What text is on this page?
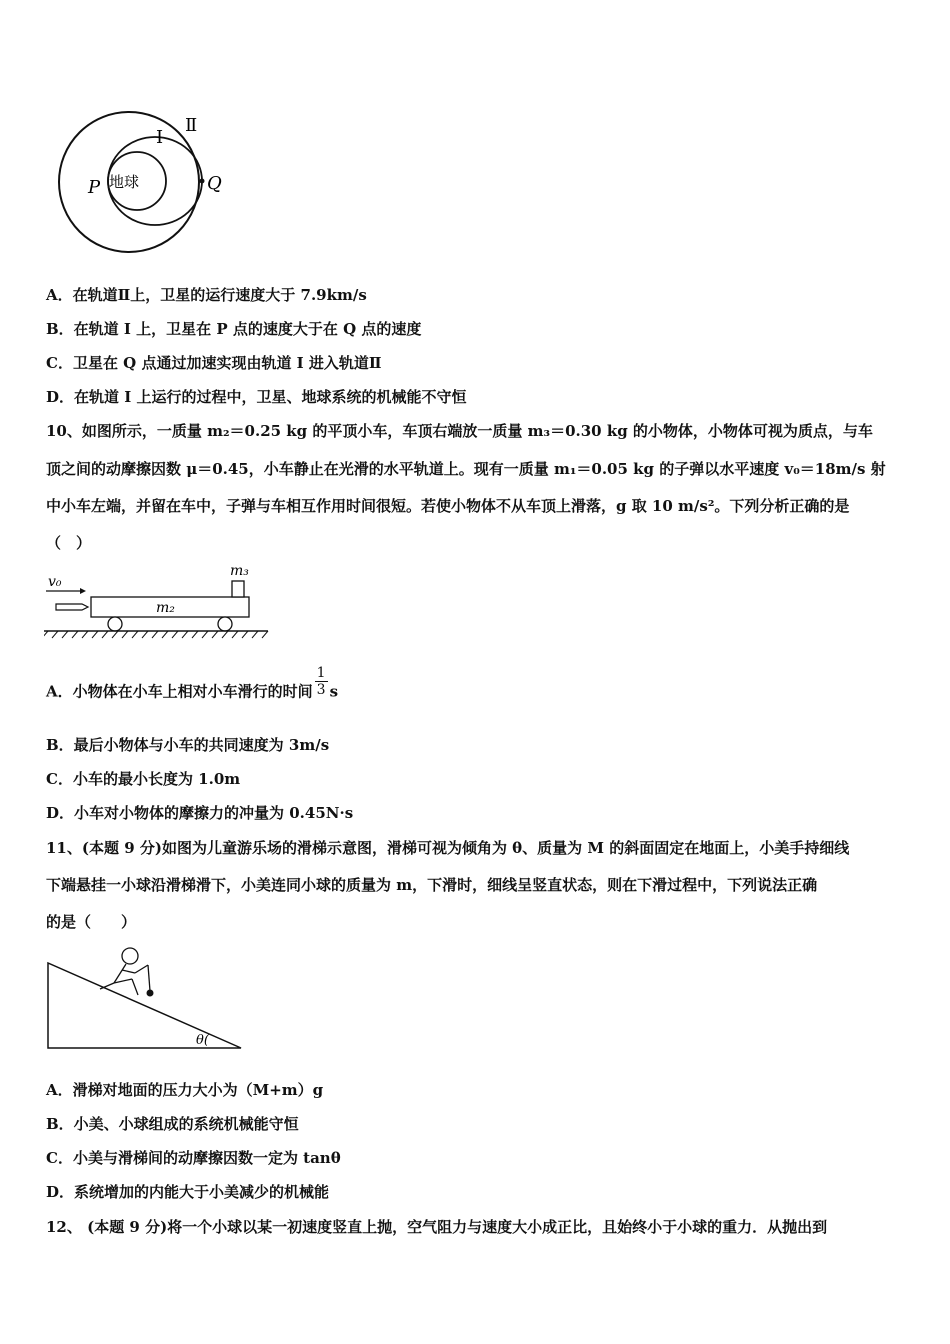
I
Ⅱ
P	Q
地球
A．在轨道Ⅱ上，卫星的运行速度大于 7.9km/s
B．在轨道 I 上，卫星在 P 点的速度大于在 Q 点的速度
C．卫星在 Q 点通过加速实现由轨道 I 进入轨道Ⅱ
D．在轨道 I 上运行的过程中，卫星、地球系统的机械能不守恒
10、如图所示，一质量 m₂＝0.25 kg 的平顶小车，车顶右端放一质量 m₃＝0.30 kg 的小物体，小物体可视为质点，与车
顶之间的动摩擦因数 μ＝0.45，小车静止在光滑的水平轨道上。现有一质量 m₁＝0.05 kg 的子弹以水平速度 v₀＝18m/s 射
中小车左端，并留在车中，子弹与车相互作用时间很短。若使小物体不从车顶上滑落，g 取 10 m/s²。下列分析正确的是
（　）
v₀
m₂
m₃
A．小物体在小车上相对小车滑行的时间 $\frac{1}{3}$ s
B．最后小物体与小车的共同速度为 3m/s
C．小车的最小长度为 1.0m
D．小车对小物体的摩擦力的冲量为 0.45N·s
11、(本题 9 分)如图为儿童游乐场的滑梯示意图，滑梯可视为倾角为 θ、质量为 M 的斜面固定在地面上，小美手持细线
下端悬挂一小球沿滑梯滑下，小美连同小球的质量为 m，下滑时，细线呈竖直状态，则在下滑过程中，下列说法正确
的是（　　）
θ(
A．滑梯对地面的压力大小为（M+m）g
B．小美、小球组成的系统机械能守恒
C．小美与滑梯间的动摩擦因数一定为 tanθ
D．系统增加的内能大于小美减少的机械能
12、 (本题 9 分)将一个小球以某一初速度竖直上抛，空气阻力与速度大小成正比，且始终小于小球的重力．从抛出到
